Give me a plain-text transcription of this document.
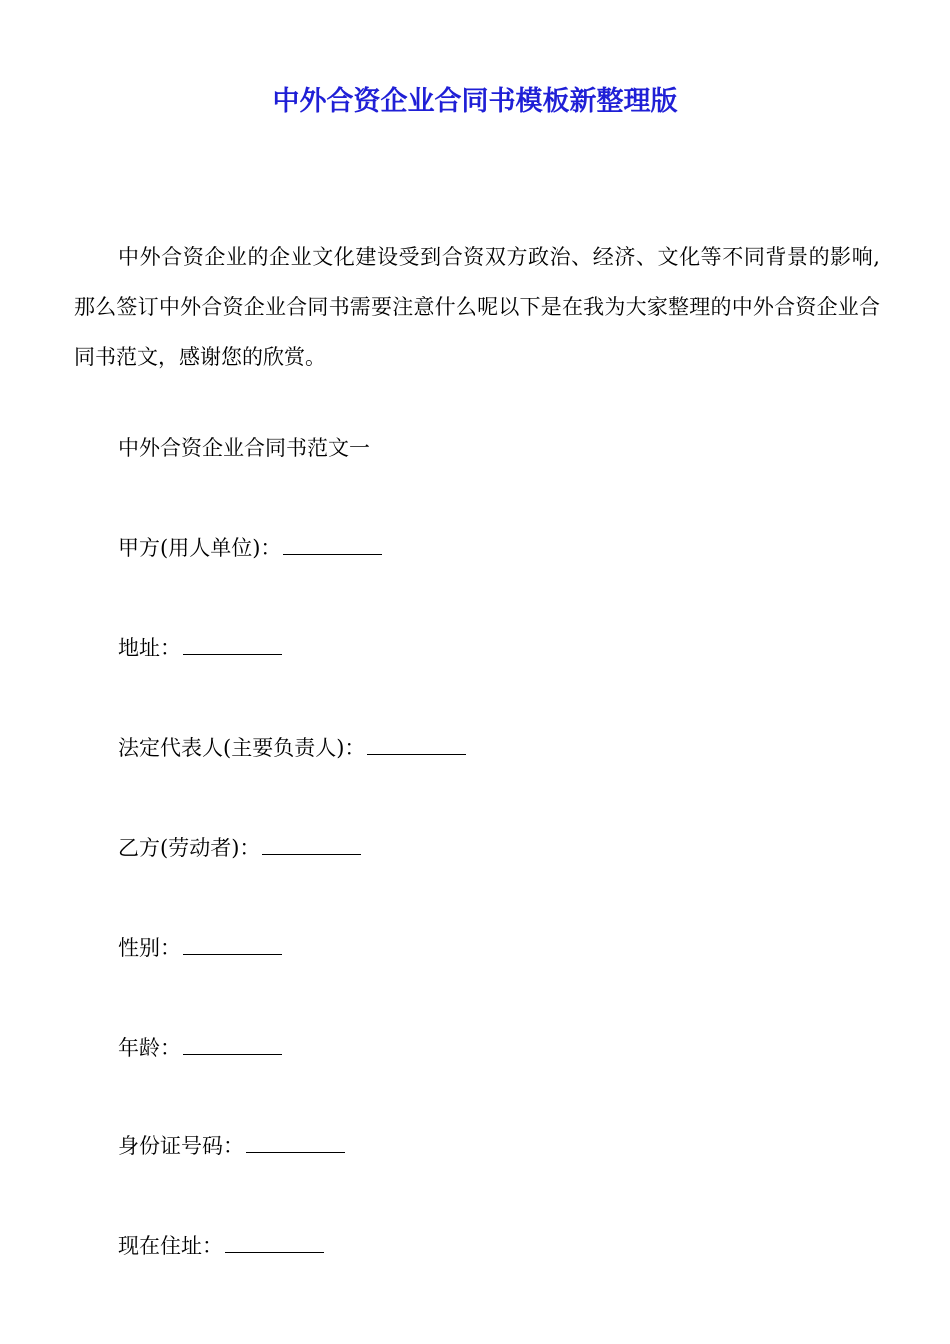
中外合资企业合同书模板新整理版

中外合资企业的企业文化建设受到合资双方政治、经济、文化等不同背景的影响,那么签订中外合资企业合同书需要注意什么呢以下是在我为大家整理的中外合资企业合同书范文，感谢您的欣赏。

中外合资企业合同书范文一

甲方(用人单位)：

地址：

法定代表人(主要负责人)：

乙方(劳动者)：

性别：

年龄：

身份证号码：

现在住址：
